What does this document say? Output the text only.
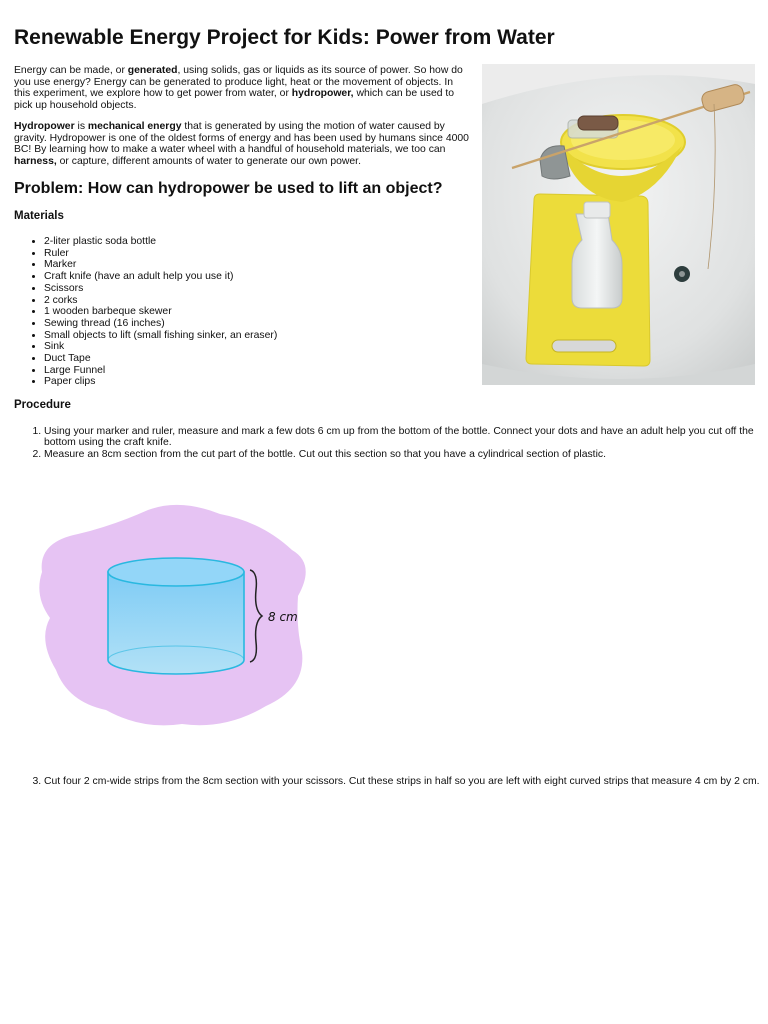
Renewable Energy Project for Kids: Power from Water

Energy can be made, or generated, using solids, gas or liquids as its source of power. So how do you use energy? Energy can be generated to produce light, heat or the movement of objects. In this experiment, we explore how to get power from water, or hydropower, which can be used to pick up household objects.

Hydropower is mechanical energy that is generated by using the motion of water caused by gravity. Hydropower is one of the oldest forms of energy and has been used by humans since 4000 BC! By learning how to make a water wheel with a handful of household materials, we too can harness, or capture, different amounts of water to generate our own power.

Problem: How can hydropower be used to lift an object?
Materials
• 2-liter plastic soda bottle
• Ruler
• Marker
• Craft knife (have an adult help you use it)
• Scissors
• 2 corks
• 1 wooden barbeque skewer
• Sewing thread (16 inches)
• Small objects to lift (small fishing sinker, an eraser)
• Sink
• Duct Tape
• Large Funnel
• Paper clips
Procedure
1. Using your marker and ruler, measure and mark a few dots 6 cm up from the bottom of the bottle. Connect your dots and have an adult help you cut off the bottom using the craft knife.
2. Measure an 8cm section from the cut part of the bottle. Cut out this section so that you have a cylindrical section of plastic.
3. Cut four 2 cm-wide strips from the 8cm section with your scissors. Cut these strips in half so you are left with eight curved strips that measure 4 cm by 2 cm.
8 cm
